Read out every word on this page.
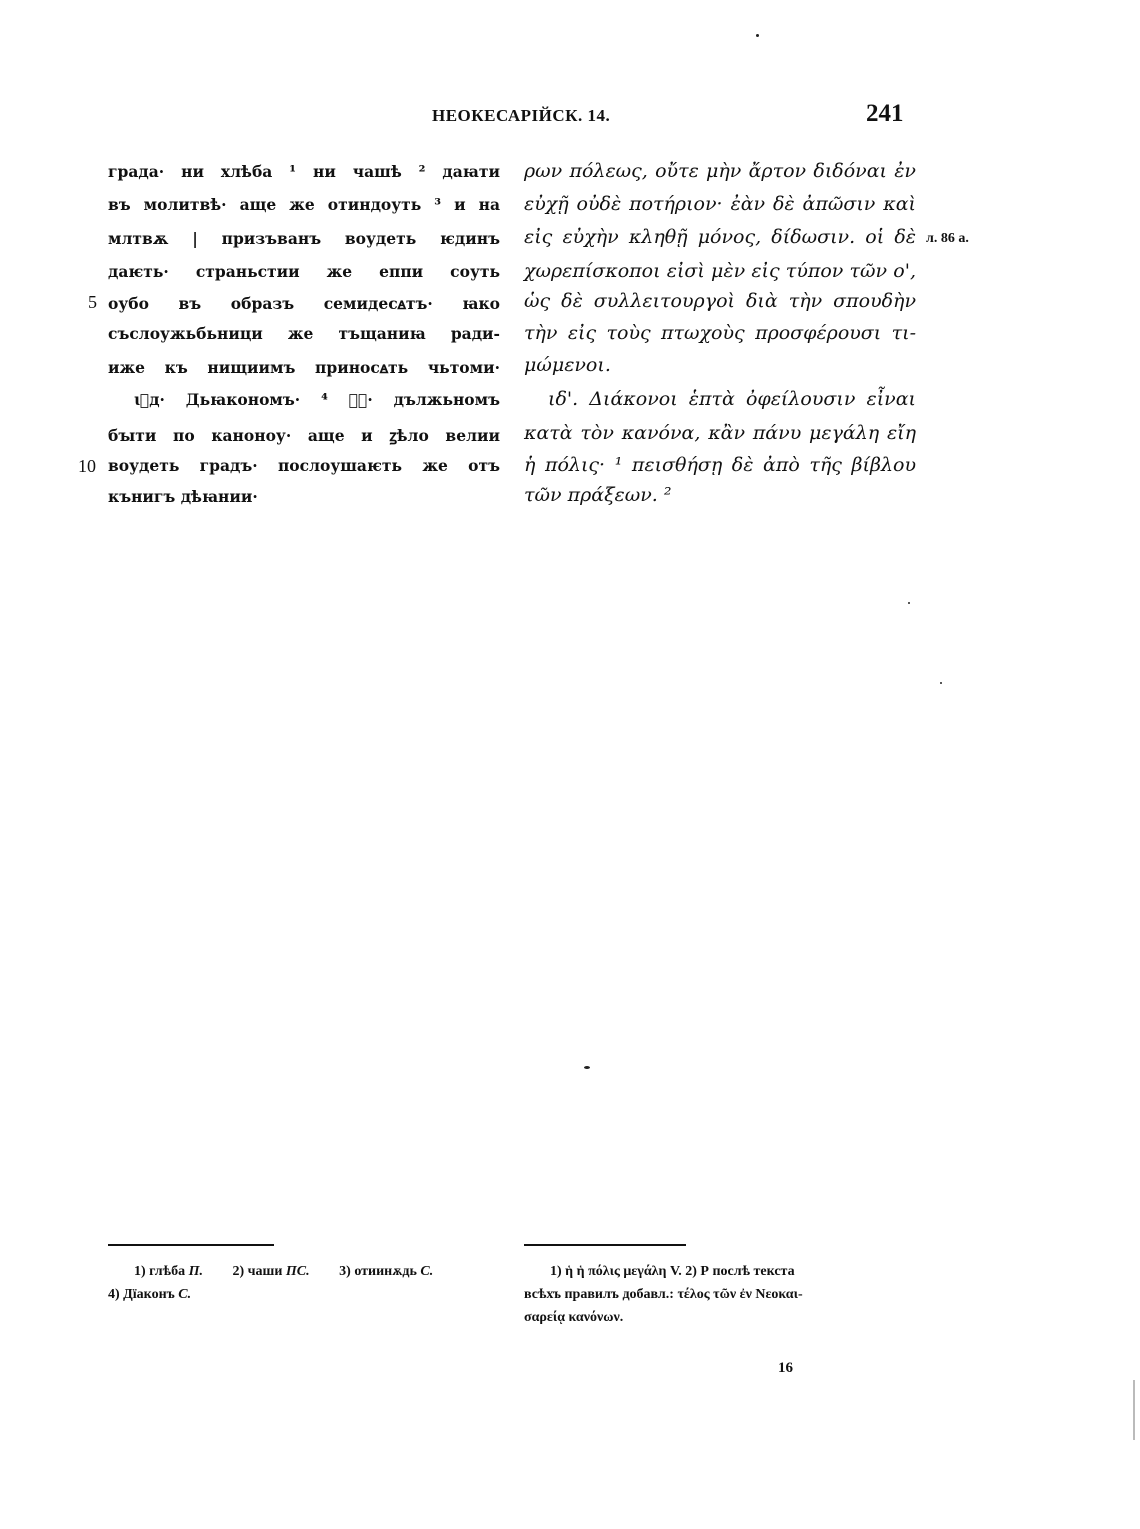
НЕОКЕСАРІЙСК. 14.	241
града· ни хлѣба ¹ ни чашѣ ² даꙗти
въ молитвѣ· аще же отиндоуть ³ и на
млтвѫ | призъванъ воудеть ѥдинъ
даѥть· страньстии же еппи соуть
оубо въ образъ семидесꙙтъ· ꙗко
съслоужьбьници же тъщаниꙗ ради-
иже къ нищиимъ приносꙙть чьтоми·
ꙇ҃д· Дьꙗкономъ· ⁴ ꙁ҃· дължьномъ
бꙑти по каноноу· аще и ꙁѣло велии
воудеть градъ· послоушаѥть же отъ
кънигъ дѣꙗнии·
5
10
ρων πόλεως, οὔτε μὴν ἄρτον διδόναι ἐν
εὐχῇ οὐδὲ ποτήριον· ἐὰν δὲ ἀπῶσιν καὶ
εἰς εὐχὴν κληθῇ μόνος, δίδωσιν. οἱ δὲ
χωρεπίσκοποι εἰσὶ μὲν εἰς τύπον τῶν ο',
ὡς δὲ συλλειτουργοὶ διὰ τὴν σπουδὴν
τὴν εἰς τοὺς πτωχοὺς προσφέρουσι τι-
μώμενοι.
ιδ'. Διάκονοι ἑπτὰ ὀφείλουσιν εἶναι
κατὰ τὸν κανόνα, κἂν πάνυ μεγάλη εἴη
ἡ πόλις· ¹ πεισθήσῃ δὲ ἀπὸ τῆς βίβλου
τῶν πράξεων. ²
л. 86 а.
1) глѣба П. 2) чаши ПС. 3) отиинѫдь С.
4) Дїаконъ С.
1) ἡ ἡ πόλις μεγάλη V. 2) Р послѣ текста
всѣхъ правилъ добавл.: τέλος τῶν ἐν Νεοκαι-
σαρείᾳ κανόνων.
16
